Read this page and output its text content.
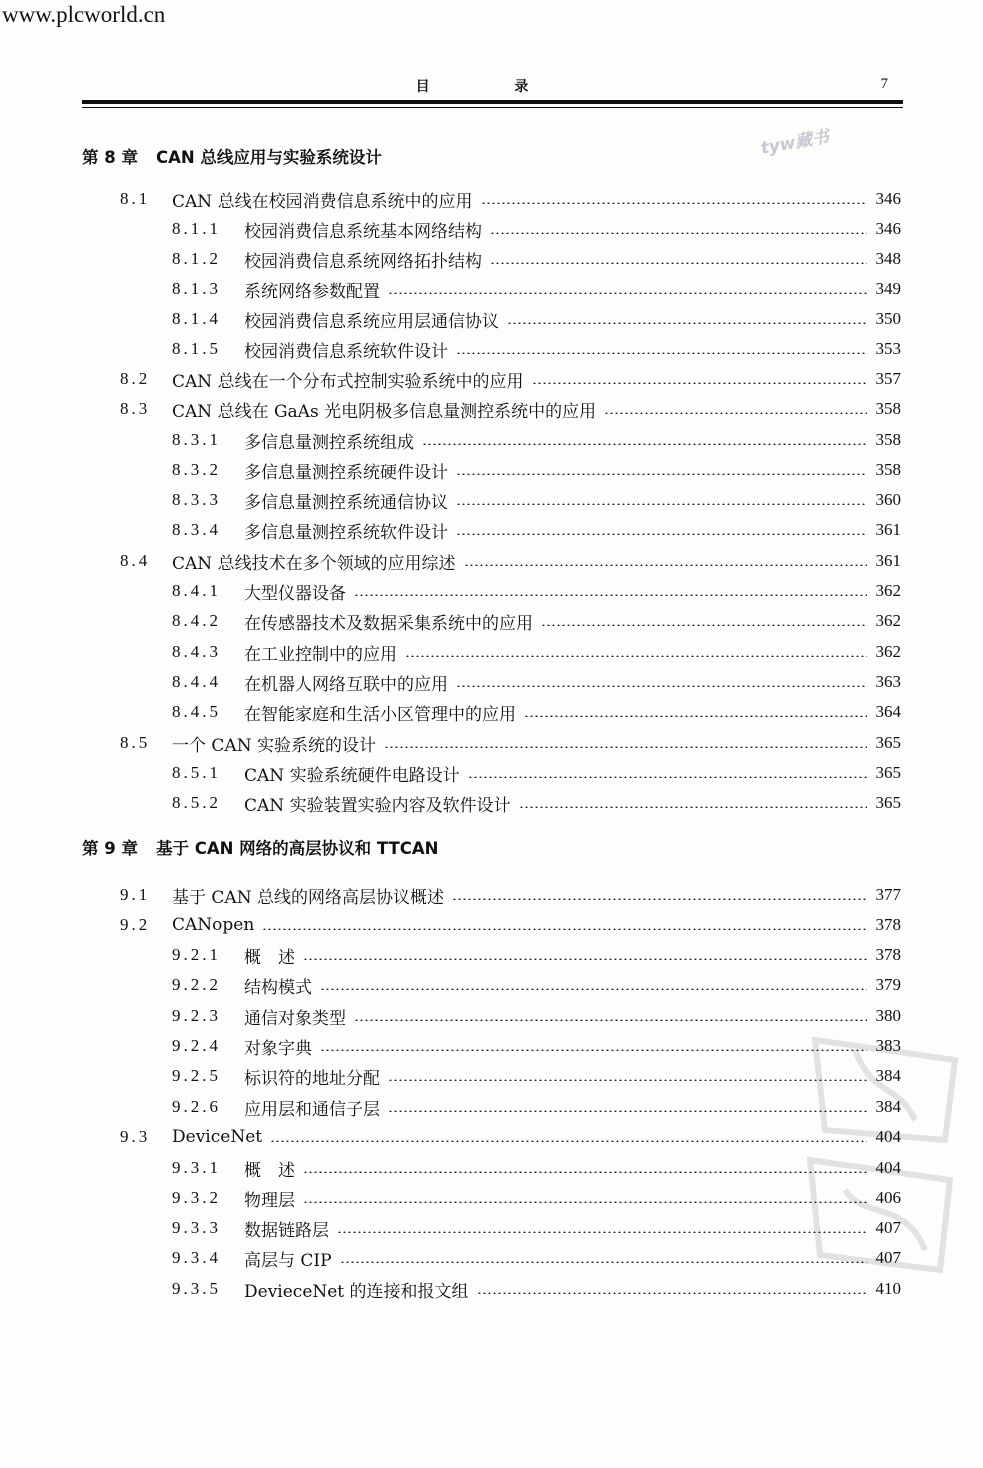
www.plcworld.cn
目 录	7
tyw藏书
第 8 章 CAN 总线应用与实验系统设计
8.1	CAN 总线在校园消费信息系统中的应用	346
8.1.1	校园消费信息系统基本网络结构	346
8.1.2	校园消费信息系统网络拓扑结构	348
8.1.3	系统网络参数配置	349
8.1.4	校园消费信息系统应用层通信协议	350
8.1.5	校园消费信息系统软件设计	353
8.2	CAN 总线在一个分布式控制实验系统中的应用	357
8.3	CAN 总线在 GaAs 光电阴极多信息量测控系统中的应用	358
8.3.1	多信息量测控系统组成	358
8.3.2	多信息量测控系统硬件设计	358
8.3.3	多信息量测控系统通信协议	360
8.3.4	多信息量测控系统软件设计	361
8.4	CAN 总线技术在多个领域的应用综述	361
8.4.1	大型仪器设备	362
8.4.2	在传感器技术及数据采集系统中的应用	362
8.4.3	在工业控制中的应用	362
8.4.4	在机器人网络互联中的应用	363
8.4.5	在智能家庭和生活小区管理中的应用	364
8.5	一个 CAN 实验系统的设计	365
8.5.1	CAN 实验系统硬件电路设计	365
8.5.2	CAN 实验装置实验内容及软件设计	365
第 9 章 基于 CAN 网络的高层协议和 TTCAN
9.1	基于 CAN 总线的网络高层协议概述	377
9.2	CANopen	378
9.2.1	概　述	378
9.2.2	结构模式	379
9.2.3	通信对象类型	380
9.2.4	对象字典	383
9.2.5	标识符的地址分配	384
9.2.6	应用层和通信子层	384
9.3	DeviceNet	404
9.3.1	概　述	404
9.3.2	物理层	406
9.3.3	数据链路层	407
9.3.4	高层与 CIP	407
9.3.5	DevieceNet 的连接和报文组	410
